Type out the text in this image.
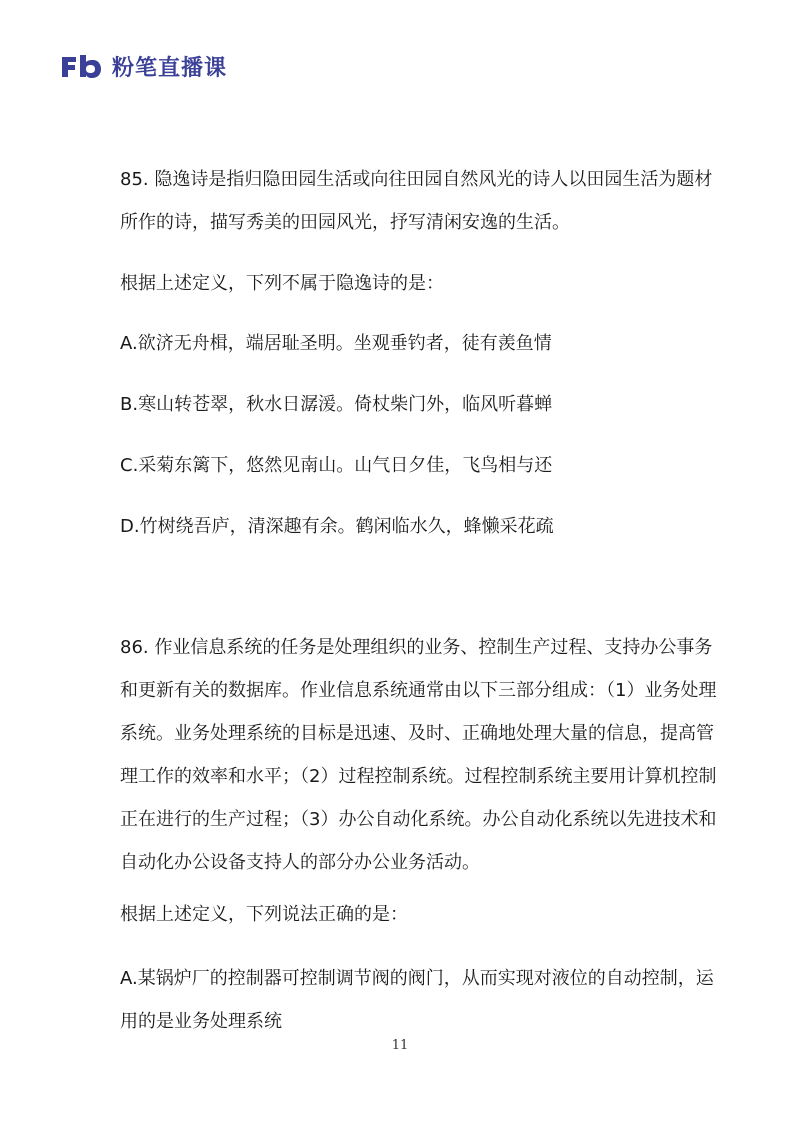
粉笔直播课
85. 隐逸诗是指归隐田园生活或向往田园自然风光的诗人以田园生活为题材所作的诗，描写秀美的田园风光，抒写清闲安逸的生活。
根据上述定义，下列不属于隐逸诗的是：
A.欲济无舟楫，端居耻圣明。坐观垂钓者，徒有羡鱼情
B.寒山转苍翠，秋水日潺湲。倚杖柴门外，临风听暮蝉
C.采菊东篱下，悠然见南山。山气日夕佳，飞鸟相与还
D.竹树绕吾庐，清深趣有余。鹤闲临水久，蜂懒采花疏
86. 作业信息系统的任务是处理组织的业务、控制生产过程、支持办公事务和更新有关的数据库。作业信息系统通常由以下三部分组成：（1）业务处理系统。业务处理系统的目标是迅速、及时、正确地处理大量的信息，提高管理工作的效率和水平；（2）过程控制系统。过程控制系统主要用计算机控制正在进行的生产过程；（3）办公自动化系统。办公自动化系统以先进技术和自动化办公设备支持人的部分办公业务活动。
根据上述定义，下列说法正确的是：
A.某锅炉厂的控制器可控制调节阀的阀门，从而实现对液位的自动控制，运用的是业务处理系统
11
